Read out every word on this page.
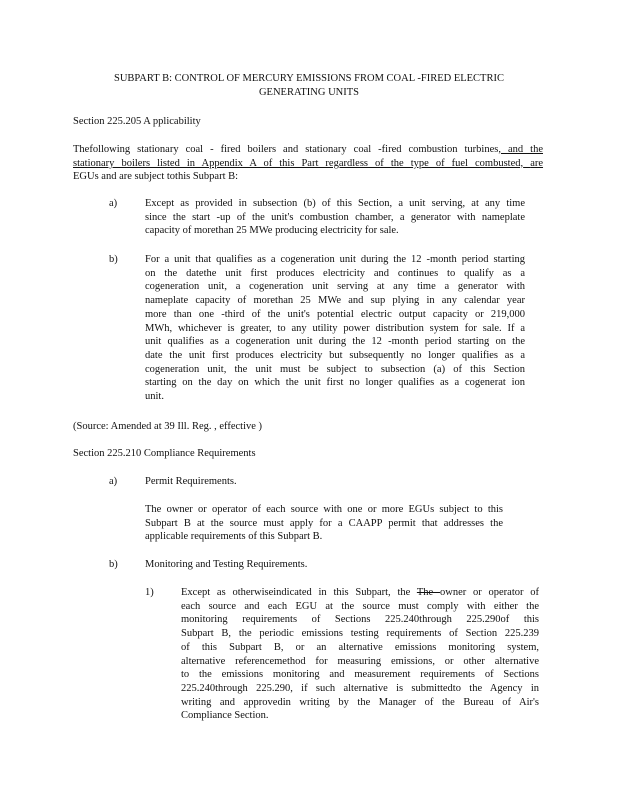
SUBPART B: CONTROL OF MERCURY EMISSIONS FROM COAL -FIRED ELECTRIC
GENERATING UNITS
Section 225.205 A pplicability
Thefollowing stationary coal - fired boilers and stationary coal -fired combustion turbines, and the
stationary boilers listed in Appendix A of this Part regardless of the type of fuel combusted, are
EGUs and are subject tothis Subpart B:
a)	Except as provided in subsection (b) of this Section, a unit serving, at any time
since the start -up of the unit's combustion chamber, a generator with nameplate
capacity of morethan 25 MWe producing electricity for sale.
b)	For a unit that qualifies as a cogeneration unit during the 12 -month period starting
on the datethe unit first produces electricity and continues to qualify as a
cogeneration unit, a cogeneration unit serving at any time a generator with
nameplate capacity of morethan 25 MWe and sup plying in any calendar year
more than one -third of the unit's potential electric output capacity or 219,000
MWh, whichever is greater, to any utility power distribution system for sale. If a
unit qualifies as a cogeneration unit during the 12 -month period starting on the
date the unit first produces electricity but subsequently no longer qualifies as a
cogeneration unit, the unit must be subject to subsection (a) of this Section
starting on the day on which the unit first no longer qualifies as a cogenerat ion
unit.
(Source: Amended at 39 Ill. Reg. , effective )
Section 225.210 Compliance Requirements
a)	Permit Requirements.
The owner or operator of each source with one or more EGUs subject to this
Subpart B at the source must apply for a CAAPP permit that addresses the
applicable requirements of this Subpart B.
b)	Monitoring and Testing Requirements.
1)	Except as otherwiseindicated in this Subpart, the The owner or operator of
each source and each EGU at the source must comply with either the
monitoring requirements of Sections 225.240through 225.290of this
Subpart B, the periodic emissions testing requirements of Section 225.239
of this Subpart B, or an alternative emissions monitoring system,
alternative referencemethod for measuring emissions, or other alternative
to the emissions monitoring and measurement requirements of Sections
225.240through 225.290, if such alternative is submittedto the Agency in
writing and approvedin writing by the Manager of the Bureau of Air's
Compliance Section.
